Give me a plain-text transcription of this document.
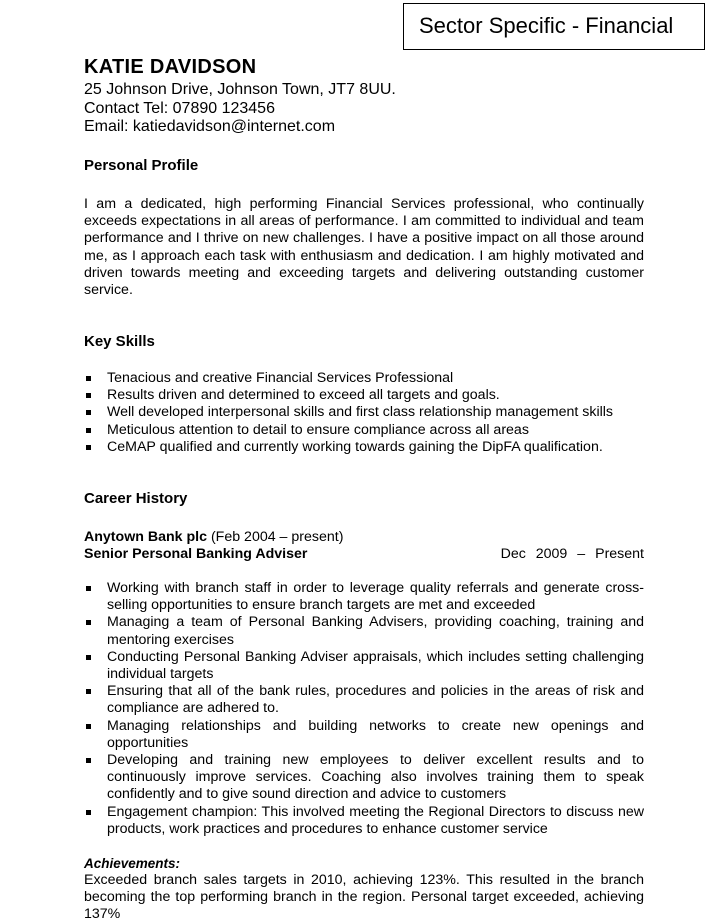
Sector Specific - Financial
KATIE DAVIDSON
25 Johnson Drive, Johnson Town, JT7 8UU.
Contact Tel: 07890 123456
Email: katiedavidson@internet.com
Personal Profile
I am a dedicated, high performing Financial Services professional, who continually exceeds expectations in all areas of performance. I am committed to individual and team performance and I thrive on new challenges. I have a positive impact on all those around me, as I approach each task with enthusiasm and dedication. I am highly motivated and driven towards meeting and exceeding targets and delivering outstanding customer service.
Key Skills
Tenacious and creative Financial Services Professional
Results driven and determined to exceed all targets and goals.
Well developed interpersonal skills and first class relationship management skills
Meticulous attention to detail to ensure compliance across all areas
CeMAP qualified and currently working towards gaining the DipFA qualification.
Career History
Anytown Bank plc (Feb 2004 – present)
Senior Personal Banking Adviser	Dec 2009 – Present
Working with branch staff in order to leverage quality referrals and generate cross-selling opportunities to ensure branch targets are met and exceeded
Managing a team of Personal Banking Advisers, providing coaching, training and mentoring exercises
Conducting Personal Banking Adviser appraisals, which includes setting challenging individual targets
Ensuring that all of the bank rules, procedures and policies in the areas of risk and compliance are adhered to.
Managing relationships and building networks to create new openings and opportunities
Developing and training new employees to deliver excellent results and to continuously improve services. Coaching also involves training them to speak confidently and to give sound direction and advice to customers
Engagement champion: This involved meeting the Regional Directors to discuss new products, work practices and procedures to enhance customer service
Achievements:
Exceeded branch sales targets in 2010, achieving 123%. This resulted in the branch becoming the top performing branch in the region. Personal target exceeded, achieving 137%
